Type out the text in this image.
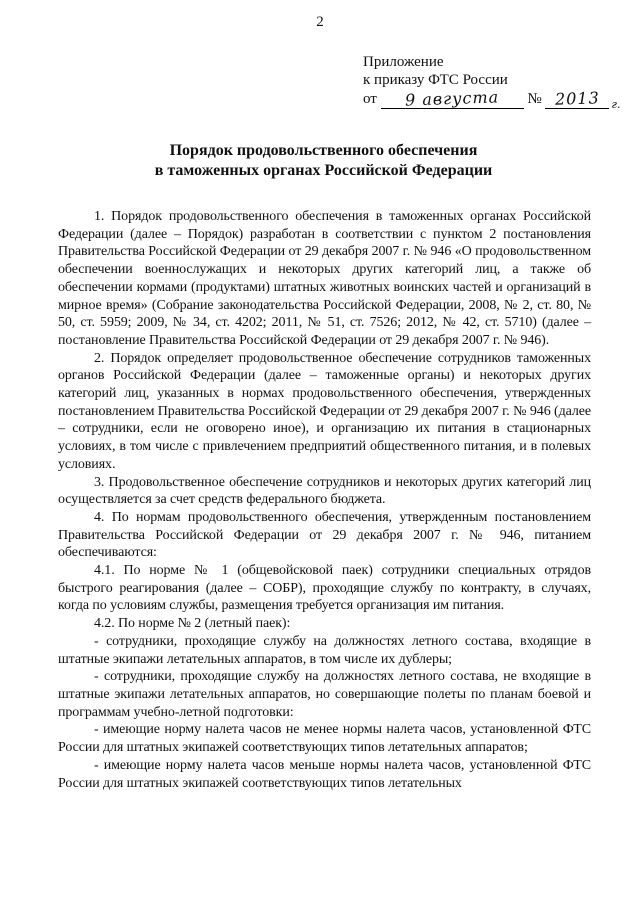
2
Приложение
к приказу ФТС России
от 9 августа № 2013 $_{г.}$
Порядок продовольственного обеспечения
в таможенных органах Российской Федерации

1. Порядок продовольственного обеспечения в таможенных органах Российской Федерации (далее – Порядок) разработан в соответствии с пунктом 2 постановления Правительства Российской Федерации от 29 декабря 2007 г. № 946 «О продовольственном обеспечении военнослужащих и некоторых других категорий лиц, а также об обеспечении кормами (продуктами) штатных животных воинских частей и организаций в мирное время» (Собрание законодательства Российской Федерации, 2008, № 2, ст. 80, № 50, ст. 5959; 2009, № 34, ст. 4202; 2011, № 51, ст. 7526; 2012, № 42, ст. 5710) (далее – постановление Правительства Российской Федерации от 29 декабря 2007 г. № 946).

2. Порядок определяет продовольственное обеспечение сотрудников таможенных органов Российской Федерации (далее – таможенные органы) и некоторых других категорий лиц, указанных в нормах продовольственного обеспечения, утвержденных постановлением Правительства Российской Федерации от 29 декабря 2007 г. № 946 (далее – сотрудники, если не оговорено иное), и организацию их питания в стационарных условиях, в том числе с привлечением предприятий общественного питания, и в полевых условиях.

3. Продовольственное обеспечение сотрудников и некоторых других категорий лиц осуществляется за счет средств федерального бюджета.

4. По нормам продовольственного обеспечения, утвержденным постановлением Правительства Российской Федерации от 29 декабря 2007 г. № 946, питанием обеспечиваются:

4.1. По норме № 1 (общевойсковой паек) сотрудники специальных отрядов быстрого реагирования (далее – СОБР), проходящие службу по контракту, в случаях, когда по условиям службы, размещения требуется организация им питания.

4.2. По норме № 2 (летный паек):

- сотрудники, проходящие службу на должностях летного состава, входящие в штатные экипажи летательных аппаратов, в том числе их дублеры;

- сотрудники, проходящие службу на должностях летного состава, не входящие в штатные экипажи летательных аппаратов, но совершающие полеты по планам боевой и программам учебно-летной подготовки:

- имеющие норму налета часов не менее нормы налета часов, установленной ФТС России для штатных экипажей соответствующих типов летательных аппаратов;

- имеющие норму налета часов меньше нормы налета часов, установленной ФТС России для штатных экипажей соответствующих типов летательных
